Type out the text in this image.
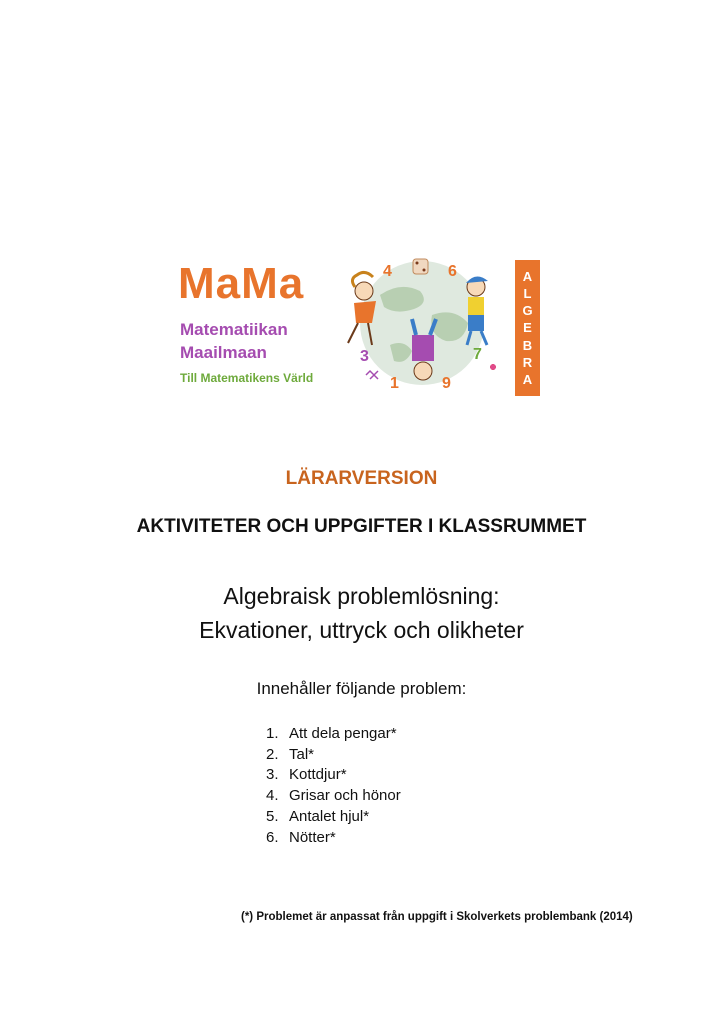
MaMa
Matematiikan
Maailmaan
Till Matematikens Värld
4	6
3	7
1	9
ALGEBRA
LÄRARVERSION
AKTIVITETER OCH UPPGIFTER I KLASSRUMMET
Algebraisk problemlösning:
Ekvationer, uttryck och olikheter
Innehåller följande problem:
1. Att dela pengar*
2. Tal*
3. Kottdjur*
4. Grisar och hönor
5. Antalet hjul*
6. Nötter*
(*) Problemet är anpassat från uppgift i Skolverkets problembank (2014)
